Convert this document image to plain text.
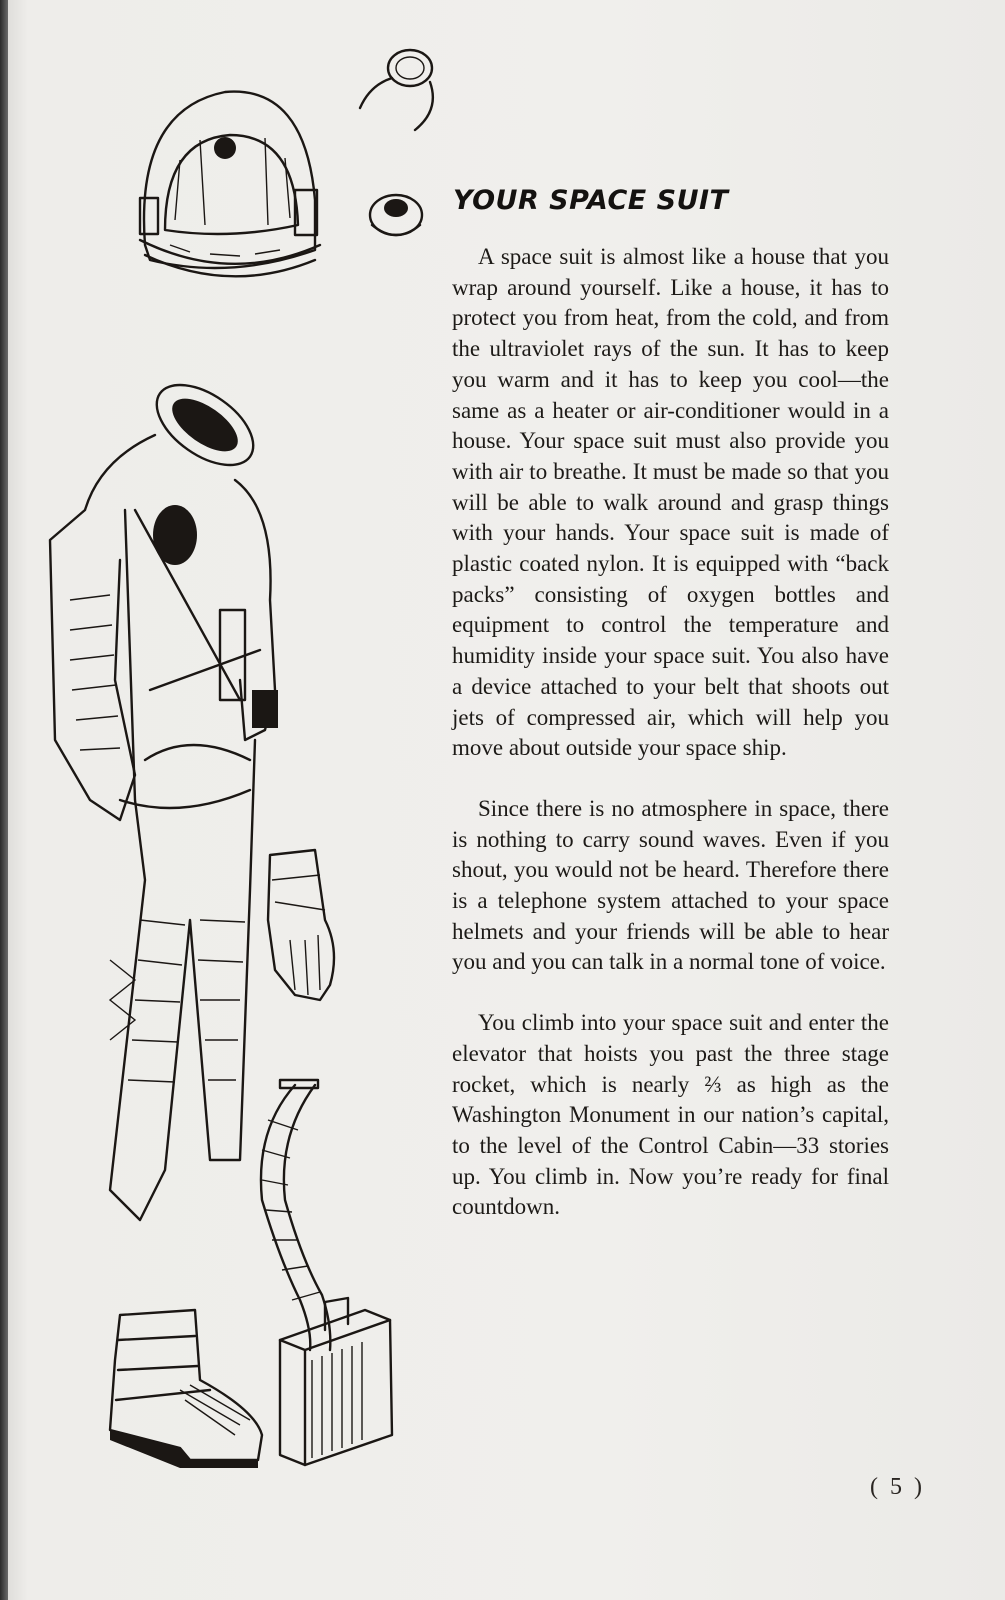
YOUR SPACE SUIT

A space suit is almost like a house that you wrap around yourself. Like a house, it has to protect you from heat, from the cold, and from the ultraviolet rays of the sun. It has to keep you warm and it has to keep you cool—the same as a heater or air-conditioner would in a house. Your space suit must also provide you with air to breathe. It must be made so that you will be able to walk around and grasp things with your hands. Your space suit is made of plastic coated nylon. It is equipped with “back packs” consisting of oxygen bottles and equipment to control the temperature and humidity inside your space suit. You also have a device attached to your belt that shoots out jets of compressed air, which will help you move about outside your space ship.

Since there is no atmosphere in space, there is nothing to carry sound waves. Even if you shout, you would not be heard. Therefore there is a telephone system attached to your space helmets and your friends will be able to hear you and you can talk in a normal tone of voice.

You climb into your space suit and enter the elevator that hoists you past the three stage rocket, which is nearly ⅔ as high as the Washington Monument in our nation’s capital, to the level of the Control Cabin—33 stories up. You climb in. Now you’re ready for final countdown.

( 5 )
